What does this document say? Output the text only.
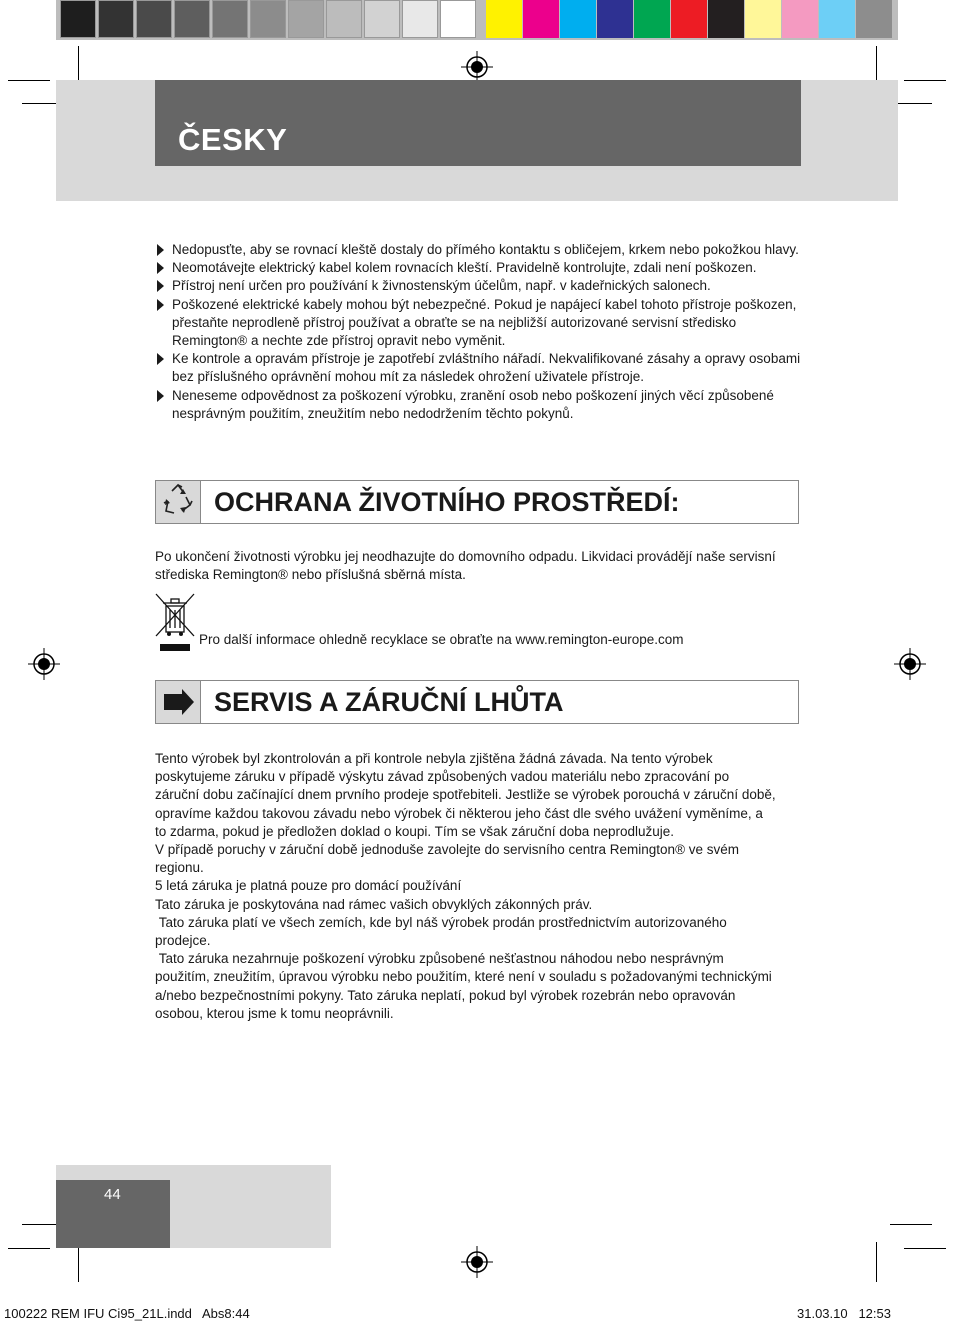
ČESKY
Nedopusťte, aby se rovnací kleště dostaly do přímého kontaktu s obličejem, krkem nebo pokožkou hlavy.
Neomotávejte elektrický kabel kolem rovnacích kleští. Pravidelně kontrolujte, zdali není poškozen.
Přístroj není určen pro používání k živnostenským účelům, např. v kadeřnických salonech.
Poškozené elektrické kabely mohou být nebezpečné. Pokud je napájecí kabel tohoto přístroje poškozen, přestaňte neprodleně přístroj používat a obraťte se na nejbližší autorizované servisní středisko Remington® a nechte zde přístroj opravit nebo vyměnit.
Ke kontrole a opravám přístroje je zapotřebí zvláštního nářadí. Nekvalifikované zásahy a opravy osobami bez příslušného oprávnění mohou mít za následek ohrožení uživatele přístroje.
Neneseme odpovědnost za poškození výrobku, zranění osob nebo poškození jiných věcí způsobené nesprávným použitím, zneužitím nebo nedodržením těchto pokynů.
OCHRANA ŽIVOTNÍHO PROSTŘEDÍ:

Po ukončení životnosti výrobku jej neodhazujte do domovního odpadu. Likvidaci provádějí naše servisní střediska Remington® nebo příslušná sběrná místa.

Pro další informace ohledně recyklace se obraťte na www.remington-europe.com

SERVIS A ZÁRUČNÍ LHŮTA

Tento výrobek byl zkontrolován a při kontrole nebyla zjištěna žádná závada. Na tento výrobek poskytujeme záruku v případě výskytu závad způsobených vadou materiálu nebo zpracování po záruční dobu začínající dnem prvního prodeje spotřebiteli. Jestliže se výrobek porouchá v záruční době, opravíme každou takovou závadu nebo výrobek či některou jeho část dle svého uvážení vyměníme, a to zdarma, pokud je předložen doklad o koupi. Tím se však záruční doba neprodlužuje.

V případě poruchy v záruční době jednoduše zavolejte do servisního centra Remington® ve svém regionu.

5 letá záruka je platná pouze pro domácí používání

Tato záruka je poskytována nad rámec vašich obvyklých zákonných práv.

Tato záruka platí ve všech zemích, kde byl náš výrobek prodán prostřednictvím autorizovaného prodejce.

Tato záruka nezahrnuje poškození výrobku způsobené nešťastnou náhodou nebo nesprávným použitím, zneužitím, úpravou výrobku nebo použitím, které není v souladu s požadovanými technickými a/nebo bezpečnostními pokyny. Tato záruka neplatí, pokud byl výrobek rozebrán nebo opravován osobou, kterou jsme k tomu neoprávnili.

44
100222 REM IFU Ci95_21L.indd   Abs8:44	31.03.10   12:53
